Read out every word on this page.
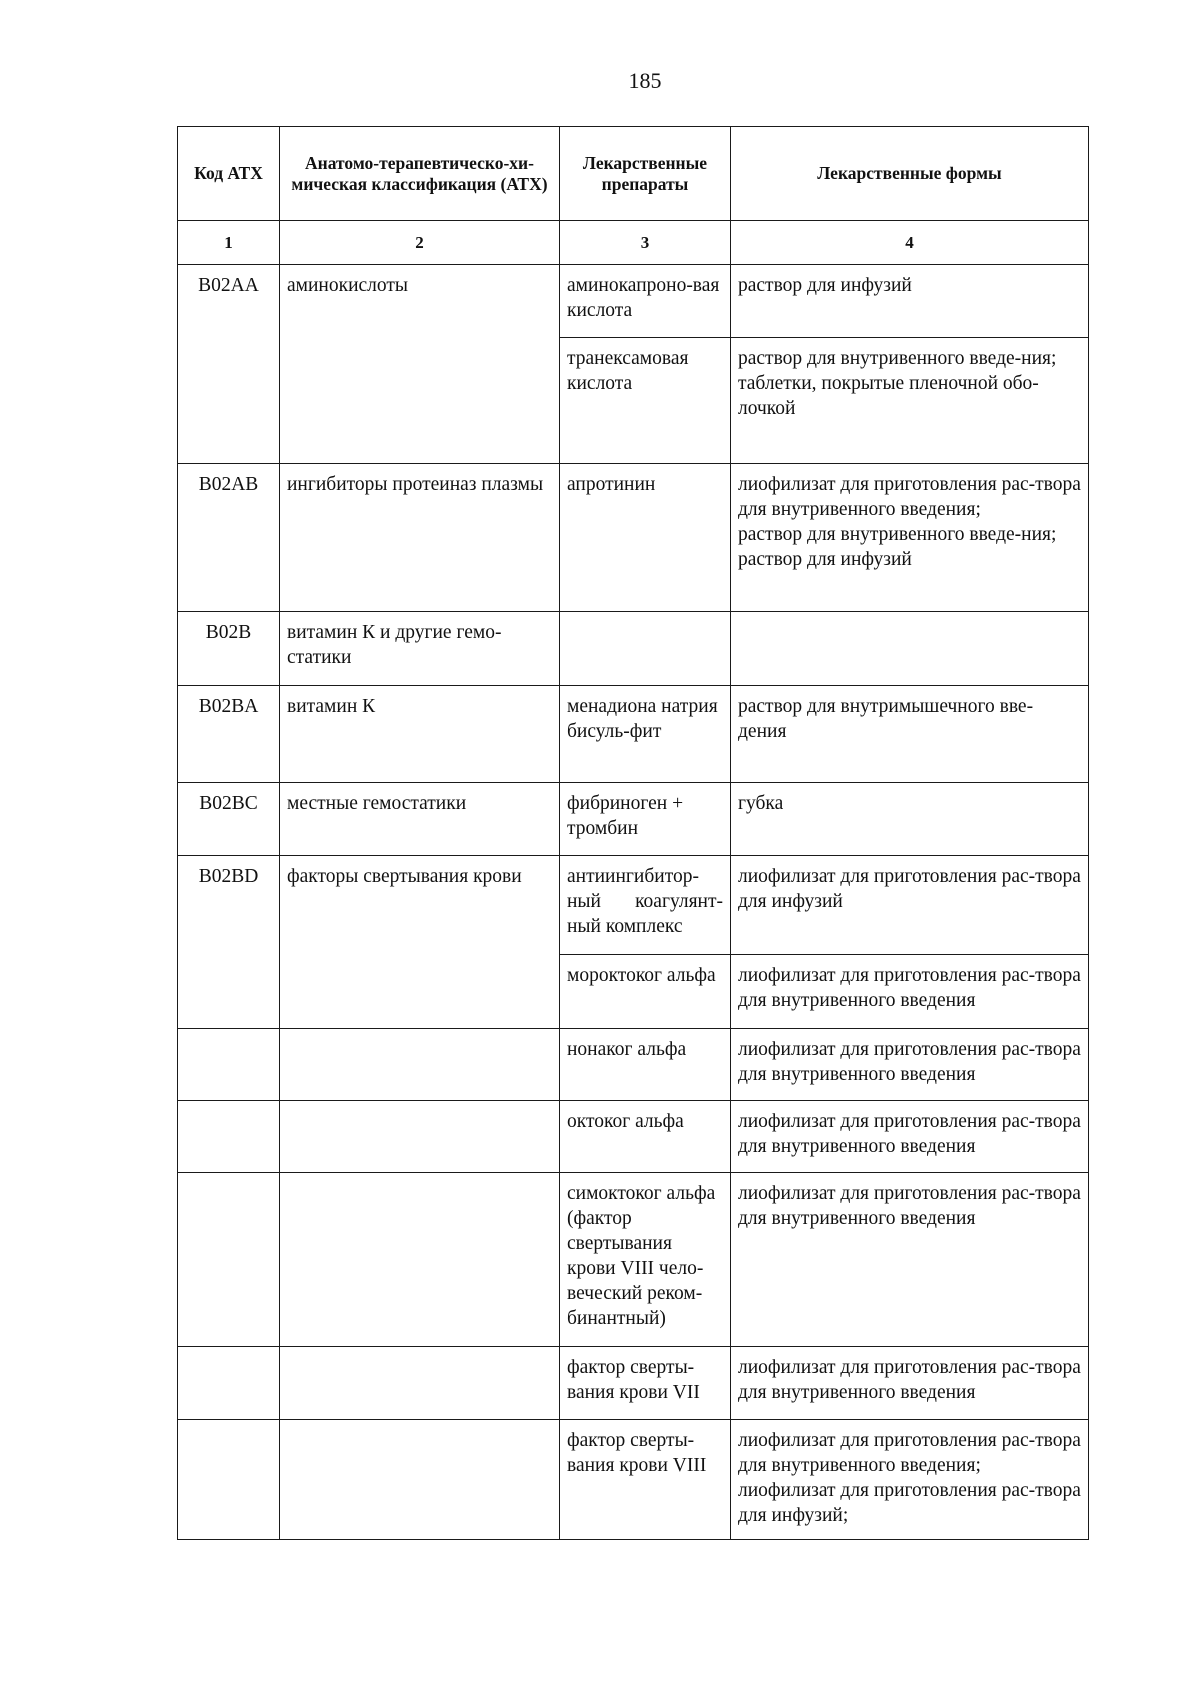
185
Код АТХ	Анатомо-терапевтическо-хи-мическая классификация (АТХ)	Лекарственные препараты	Лекарственные формы
1	2	3	4
B02AA	аминокислоты	аминокапроно-вая кислота	раствор для инфузий

		транексамовая кислота	раствор для внутривенного введе-ния;
таблетки, покрытые пленочной обо-лочкой

B02AB	ингибиторы протеиназ плазмы	апротинин	лиофилизат для приготовления рас-твора для внутривенного введения;
раствор для внутривенного введе-ния;
раствор для инфузий

B02B	витамин К и другие гемо-статики		
B02BA	витамин К	менадиона натрия бисуль-фит	раствор для внутримышечного вве-дения

B02BC	местные гемостатики	фибриноген + тромбин	губка

B02BD	факторы свертывания крови	антиингибитор-ный коагулянт-ный комплекс	лиофилизат для приготовления рас-твора для инфузий

		мороктоког альфа	лиофилизат для приготовления рас-твора для внутривенного введения

		нонаког альфа	лиофилизат для приготовления рас-твора для внутривенного введения

		октоког альфа	лиофилизат для приготовления рас-твора для внутривенного введения

		симоктоког альфа (фактор свертывания крови VIII чело-веческий реком-бинантный)	лиофилизат для приготовления рас-твора для внутривенного введения

		фактор сверты-вания крови VII	лиофилизат для приготовления рас-твора для внутривенного введения

		фактор сверты-вания крови VIII	лиофилизат для приготовления рас-твора для внутривенного введения;
лиофилизат для приготовления рас-твора для инфузий;
